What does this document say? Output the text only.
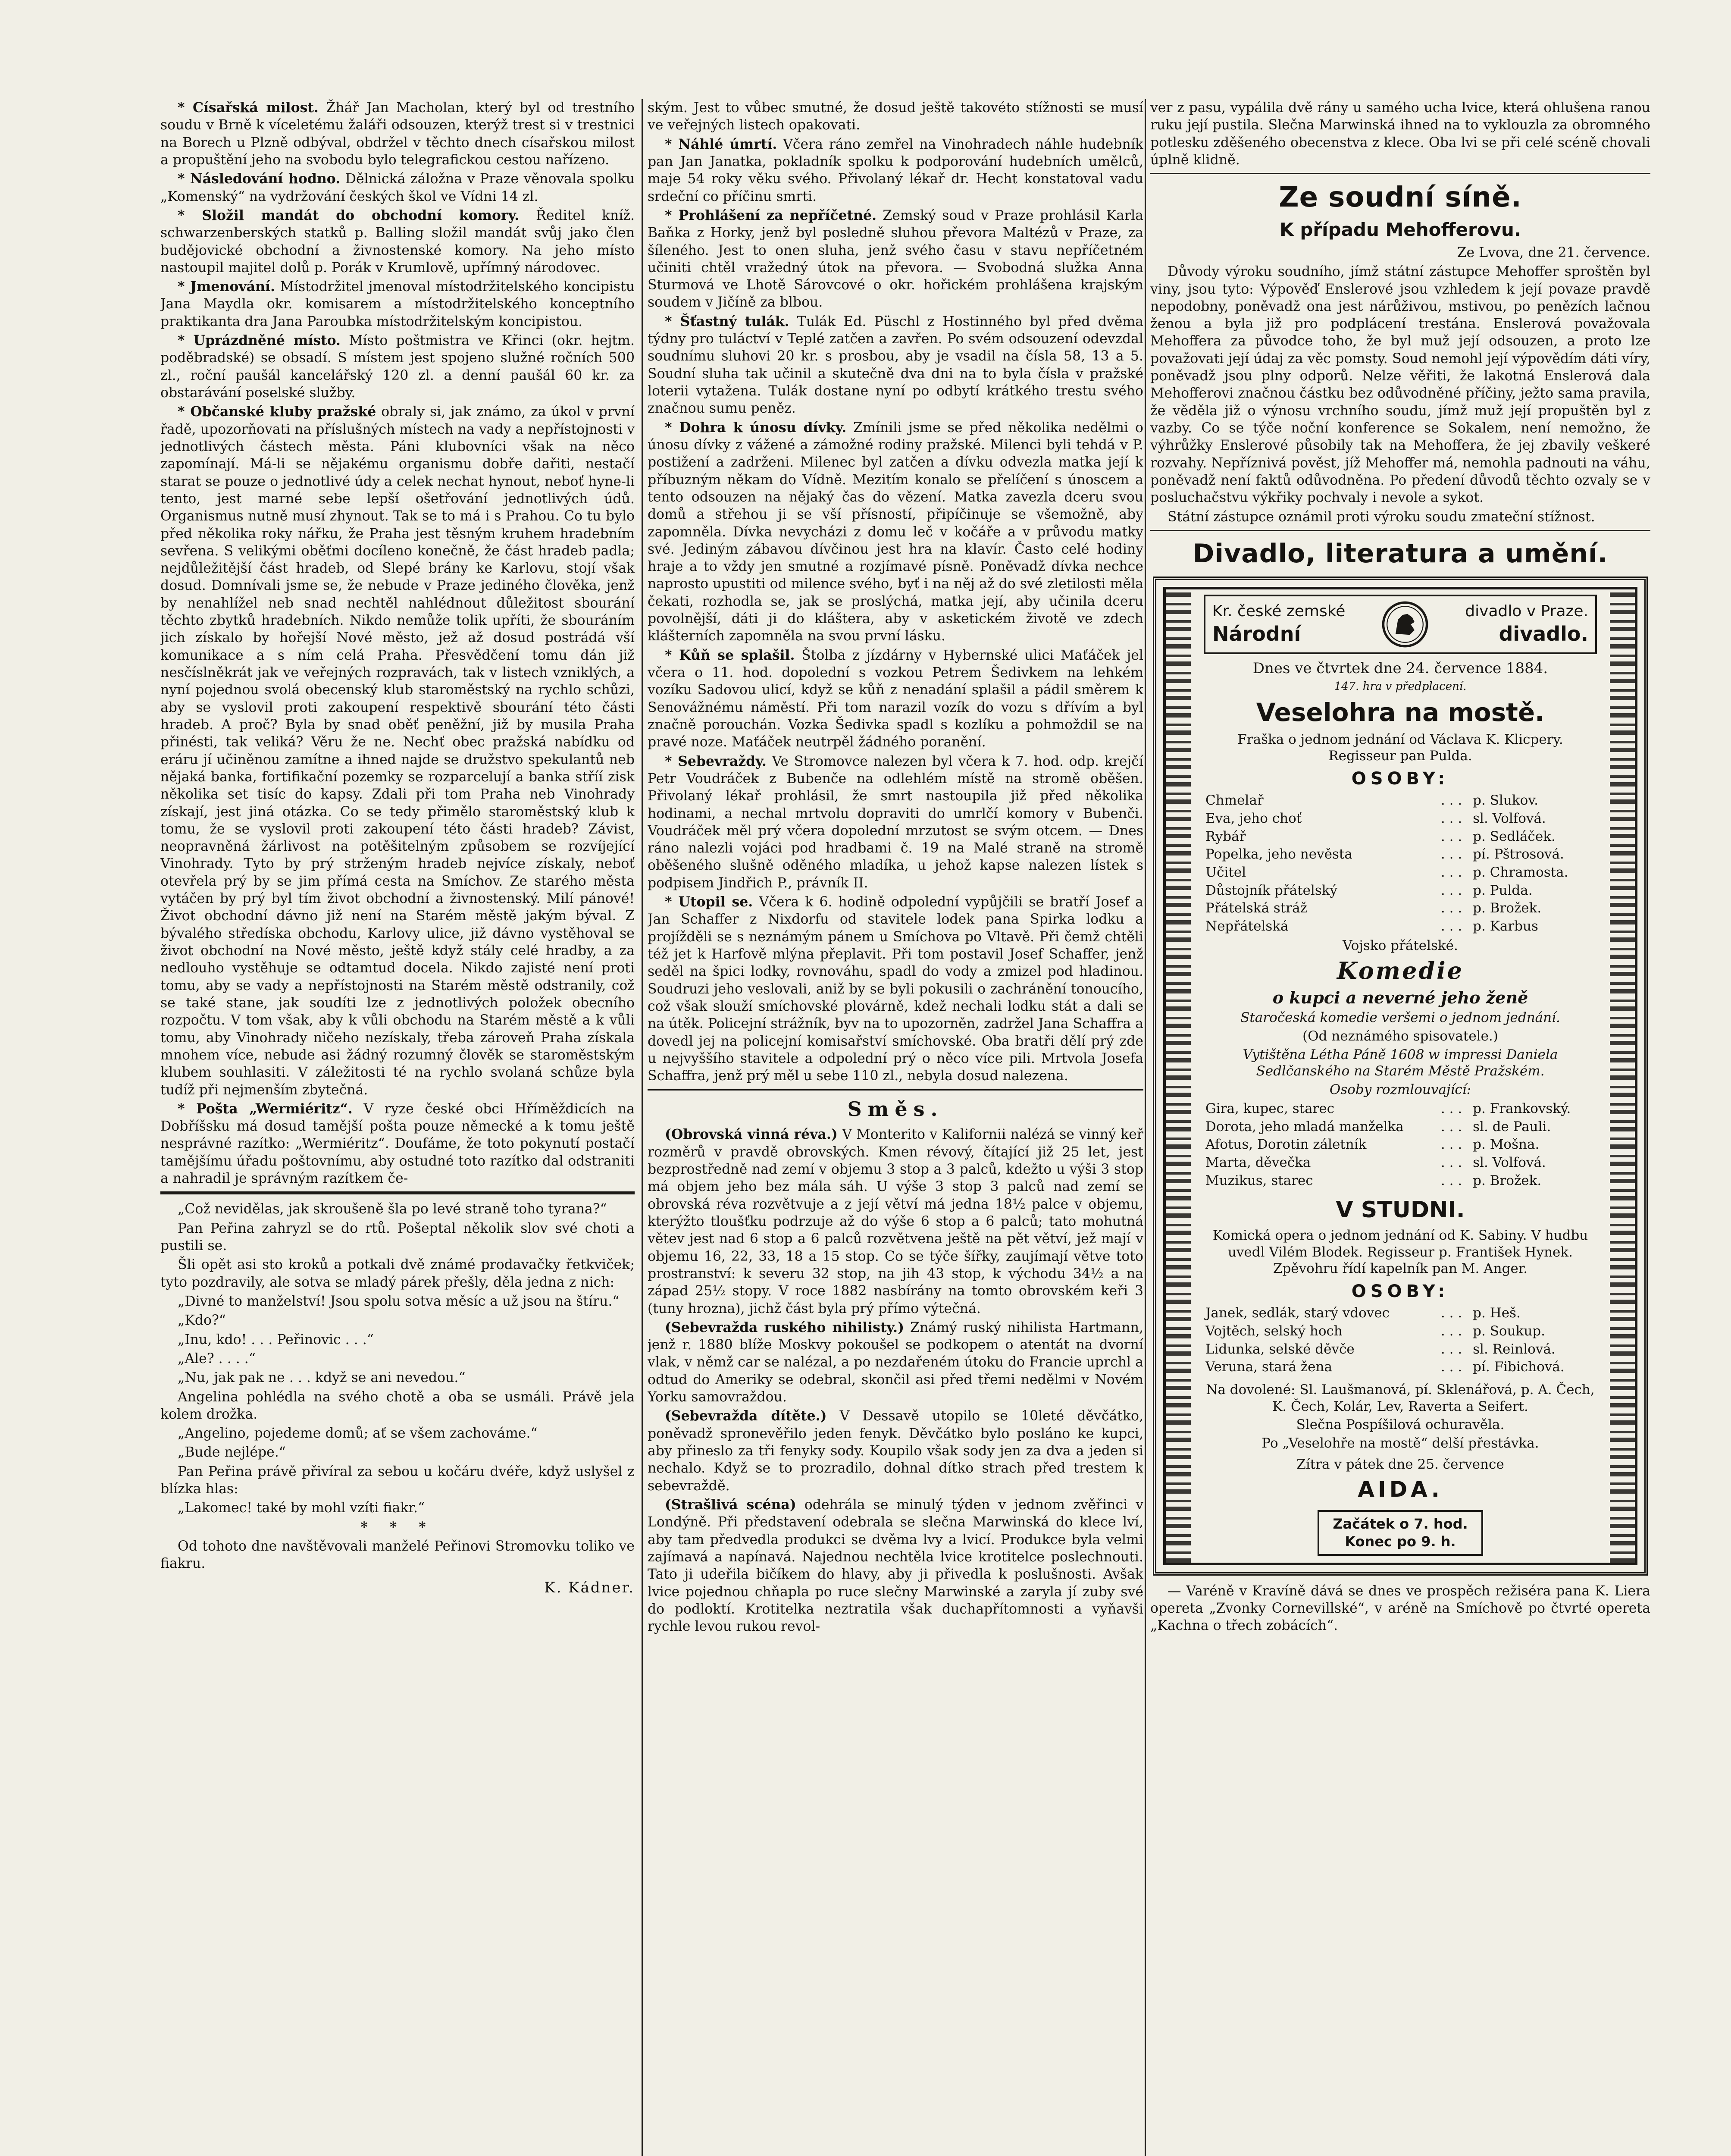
* Císařská milost. Žhář Jan Macholan, který byl od trestního soudu v Brně k víceletému žaláři odsouzen, kterýž trest si v trestnici na Borech u Plzně odbýval, obdržel v těchto dnech císařskou milost a propuštění jeho na svobodu bylo telegrafickou cestou nařízeno.

* Následování hodno. Dělnická záložna v Praze věnovala spolku „Komenský“ na vydržování českých škol ve Vídni 14 zl.

* Složil mandát do obchodní komory. Ředitel kníž. schwarzenberských statků p. Balling složil mandát svůj jako člen budějovické obchodní a živnostenské komory. Na jeho místo nastoupil majitel dolů p. Porák v Krumlově, upřímný národovec.

* Jmenování. Místodržitel jmenoval místodržitelského koncipistu Jana Maydla okr. komisarem a místodržitelského konceptního praktikanta dra Jana Paroubka místodržitelským koncipistou.

* Uprázdněné místo. Místo poštmistra ve Křinci (okr. hejtm. poděbradské) se obsadí. S místem jest spojeno služné ročních 500 zl., roční paušál kancelářský 120 zl. a denní paušál 60 kr. za obstarávání poselské služby.

* Občanské kluby pražské obraly si, jak známo, za úkol v první řadě, upozorňovati na příslušných místech na vady a nepřístojnosti v jednotlivých částech města. Páni klubovníci však na něco zapomínají. Má-li se nějakému organismu dobře dařiti, nestačí starat se pouze o jednotlivé údy a celek nechat hynout, neboť hyne-li tento, jest marné sebe lepší ošetřování jednotlivých údů. Organismus nutně musí zhynout. Tak se to má i s Prahou. Co tu bylo před několika roky nářku, že Praha jest těsným kruhem hradebním sevřena. S velikými oběťmi docíleno konečně, že část hradeb padla; nejdůležitější část hradeb, od Slepé brány ke Karlovu, stojí však dosud. Domnívali jsme se, že nebude v Praze jediného člověka, jenž by nenahlížel neb snad nechtěl nahlédnout důležitost sbourání těchto zbytků hradebních. Nikdo nemůže tolik upříti, že sbouráním jich získalo by hořejší Nové město, jež až dosud postrádá vší komunikace a s ním celá Praha. Přesvědčení tomu dán již nesčíslněkrát jak ve veřejných rozpravách, tak v listech vzniklých, a nyní pojednou svolá obecenský klub staroměstský na rychlo schůzi, aby se vyslovil proti zakoupení respektivě sbourání této části hradeb. A proč? Byla by snad oběť peněžní, již by musila Praha přinésti, tak veliká? Věru že ne. Nechť obec pražská nabídku od eráru jí učiněnou zamítne a ihned najde se družstvo spekulantů neb nějaká banka, fortifikační pozemky se rozparcelují a banka stříí zisk několika set tisíc do kapsy. Zdali při tom Praha neb Vinohrady získají, jest jiná otázka. Co se tedy přimělo staroměstský klub k tomu, že se vyslovil proti zakoupení této části hradeb? Závist, neopravněná žárlivost na potěšitelným způsobem se rozvíjející Vinohrady. Tyto by prý strženým hradeb nejvíce získaly, neboť otevřela prý by se jim přímá cesta na Smíchov. Ze starého města vytáčen by prý byl tím život obchodní a živnostenský. Milí pánové! Život obchodní dávno již není na Starém městě jakým býval. Z bývalého středíska obchodu, Karlovy ulice, již dávno vystěhoval se život obchodní na Nové město, ještě když stály celé hradby, a za nedlouho vystěhuje se odtamtud docela. Nikdo zajisté není proti tomu, aby se vady a nepřístojnosti na Starém městě odstranily, což se také stane, jak soudíti lze z jednotlivých položek obecního rozpočtu. V tom však, aby k vůli obchodu na Starém městě a k vůli tomu, aby Vinohrady ničeho nezískaly, třeba zároveň Praha získala mnohem více, nebude asi žádný rozumný člověk se staroměstským klubem souhlasiti. V záležitosti té na rychlo svolaná schůze byla tudíž při nejmenším zbytečná.

* Pošta „Wermiéritz“. V ryze české obci Hříměždicích na Dobříšsku má dosud tamější pošta pouze německé a k tomu ještě nesprávné razítko: „Wermiéritz“. Doufáme, že toto pokynutí postačí tamějšímu úřadu poštovnímu, aby ostudné toto razítko dal odstraniti a nahradil je správným razítkem če-

„Což nevidělas, jak skroušeně šla po levé straně toho tyrana?“

Pan Peřina zahryzl se do rtů. Pošeptal několik slov své choti a pustili se.

Šli opět asi sto kroků a potkali dvě známé prodavačky řetkviček; tyto pozdravily, ale sotva se mladý párek přešly, děla jedna z nich:

„Divné to manželství! Jsou spolu sotva měsíc a už jsou na štíru.“

„Kdo?“

„Inu, kdo! . . . Peřinovic . . .“

„Ale? . . . .“

„Nu, jak pak ne . . . když se ani nevedou.“

Angelina pohlédla na svého chotě a oba se usmáli. Právě jela kolem drožka.

„Angelino, pojedeme domů; ať se všem zachováme.“

„Bude nejlépe.“

Pan Peřina právě přivíral za sebou u kočáru dvéře, když uslyšel z blízka hlas:

„Lakomec! také by mohl vzíti fiakr.“

* * *

Od tohoto dne navštěvovali manželé Peřinovi Stromovku toliko ve fiakru.

K. Kádner.

ským. Jest to vůbec smutné, že dosud ještě takovéto stížnosti se musí ve veřejných listech opakovati.

* Náhlé úmrtí. Včera ráno zemřel na Vinohradech náhle hudebník pan Jan Janatka, pokladník spolku k podporování hudebních umělců, maje 54 roky věku svého. Přivolaný lékař dr. Hecht konstatoval vadu srdeční co příčinu smrti.

* Prohlášení za nepříčetné. Zemský soud v Praze prohlásil Karla Baňka z Horky, jenž byl posledně sluhou převora Maltézů v Praze, za šíleného. Jest to onen sluha, jenž svého času v stavu nepříčetném učiniti chtěl vražedný útok na převora. — Svobodná služka Anna Sturmová ve Lhotě Sárovcové o okr. hořickém prohlášena krajským soudem v Jičíně za blbou.

* Šťastný tulák. Tulák Ed. Püschl z Hostinného byl před dvěma týdny pro tuláctví v Teplé zatčen a zavřen. Po svém odsouzení odevzdal soudnímu sluhovi 20 kr. s prosbou, aby je vsadil na čísla 58, 13 a 5. Soudní sluha tak učinil a skutečně dva dni na to byla čísla v pražské loterii vytažena. Tulák dostane nyní po odbytí krátkého trestu svého značnou sumu peněz.

* Dohra k únosu dívky. Zmínili jsme se před několika nedělmi o únosu dívky z vážené a zámožné rodiny pražské. Milenci byli tehdá v P. postižení a zadrženi. Milenec byl zatčen a dívku odvezla matka její k příbuzným někam do Vídně. Mezitím konalo se přelíčení s únoscem a tento odsouzen na nějaký čas do vězení. Matka zavezla dceru svou domů a střehou ji se vší přísností, připíčinuje se všemožně, aby zapomněla. Dívka nevycházi z domu leč v kočáře a v průvodu matky své. Jediným zábavou dívčinou jest hra na klavír. Často celé hodiny hraje a to vždy jen smutné a rozjímavé písně. Poněvadž dívka nechce naprosto upustiti od milence svého, byť i na něj až do své zletilosti měla čekati, rozhodla se, jak se proslýchá, matka její, aby učinila dceru povolnější, dáti ji do kláštera, aby v asketickém životě ve zdech klášterních zapomněla na svou první lásku.

* Kůň se splašil. Štolba z jízdárny v Hybernské ulici Maťáček jel včera o 11. hod. dopolední s vozkou Petrem Šedivkem na lehkém vozíku Sadovou ulicí, když se kůň z nenadání splašil a pádil směrem k Senovážnému náměstí. Při tom narazil vozík do vozu s dřívím a byl značně porouchán. Vozka Šedivka spadl s kozlíku a pohmoždil se na pravé noze. Maťáček neutrpěl žádného poranění.

* Sebevraždy. Ve Stromovce nalezen byl včera k 7. hod. odp. krejčí Petr Voudráček z Bubenče na odlehlém místě na stromě oběšen. Přivolaný lékař prohlásil, že smrt nastoupila již před několika hodinami, a nechal mrtvolu dopraviti do umrlčí komory v Bubenči. Voudráček měl prý včera dopolední mrzutost se svým otcem. — Dnes ráno nalezli vojáci pod hradbami č. 19 na Malé straně na stromě oběšeného slušně oděného mladíka, u jehož kapse nalezen lístek s podpisem Jindřich P., právník II.

* Utopil se. Včera k 6. hodině odpolední vypůjčili se bratří Josef a Jan Schaffer z Nixdorfu od stavitele lodek pana Spirka lodku a projížděli se s neznámým pánem u Smíchova po Vltavě. Při čemž chtěli též jet k Harfově mlýna přeplavit. Při tom postavil Josef Schaffer, jenž seděl na špici lodky, rovnováhu, spadl do vody a zmizel pod hladinou. Soudruzi jeho veslovali, aniž by se byli pokusili o zachránění tonoucího, což však slouží smíchovské plovárně, kdež nechali lodku stát a dali se na útěk. Policejní strážník, byv na to upozorněn, zadržel Jana Schaffra a dovedl jej na policejní komisařství smíchovské. Oba bratři dělí prý zde u nejvyššího stavitele a odpolední prý o něco více pili. Mrtvola Josefa Schaffra, jenž prý měl u sebe 110 zl., nebyla dosud nalezena.

Směs.

(Obrovská vinná réva.) V Monterito v Kalifornii nalézá se vinný keř rozměrů v pravdě obrovských. Kmen révový, čítající již 25 let, jest bezprostředně nad zemí v objemu 3 stop a 3 palců, kdežto u výši 3 stop má objem jeho bez mála sáh. U výše 3 stop 3 palců nad zemí se obrovská réva rozvětvuje a z její větví má jedna 18½ palce v objemu, kterýžto tloušťku podrzuje až do výše 6 stop a 6 palců; tato mohutná větev jest nad 6 stop a 6 palců rozvětvena ještě na pět větví, jež mají v objemu 16, 22, 33, 18 a 15 stop. Co se týče šířky, zaujímají větve toto prostranství: k severu 32 stop, na jih 43 stop, k východu 34½ a na západ 25½ stopy. V roce 1882 nasbírány na tomto obrovském keři 3 (tuny hrozna), jichž část byla prý přímo výtečná.

(Sebevražda ruského nihilisty.) Známý ruský nihilista Hartmann, jenž r. 1880 blíže Moskvy pokoušel se podkopem o atentát na dvorní vlak, v němž car se nalézal, a po nezdařeném útoku do Francie uprchl a odtud do Ameriky se odebral, skončil asi před třemi nedělmi v Novém Yorku samovraždou.

(Sebevražda dítěte.) V Dessavě utopilo se 10leté děvčátko, poněvadž spronevěřilo jeden fenyk. Děvčátko bylo posláno ke kupci, aby přineslo za tři fenyky sody. Koupilo však sody jen za dva a jeden si nechalo. Když se to prozradilo, dohnal dítko strach před trestem k sebevraždě.

(Strašlivá scéna) odehrála se minulý týden v jednom zvěřinci v Londýně. Při představení odebrala se slečna Marwinská do klece lví, aby tam předvedla produkci se dvěma lvy a lvicí. Produkce byla velmi zajímavá a napínavá. Najednou nechtěla lvice krotitelce poslechnouti. Tato ji udeřila bičíkem do hlavy, aby ji přivedla k poslušnosti. Avšak lvice pojednou chňapla po ruce slečny Marwinské a zaryla jí zuby své do podloktí. Krotitelka neztratila však duchapřítomnosti a vyňavši rychle levou rukou revol-

ver z pasu, vypálila dvě rány u samého ucha lvice, která ohlušena ranou ruku její pustila. Slečna Marwinská ihned na to vyklouzla za obromného potlesku zděšeného obecenstva z klece. Oba lvi se při celé scéně chovali úplně klidně.

Ze soudní síně.
K případu Mehofferovu.

Ze Lvova, dne 21. července.

Důvody výroku soudního, jímž státní zástupce Mehoffer sproštěn byl viny, jsou tyto: Výpověď Enslerové jsou vzhledem k její povaze pravdě nepodobny, poněvadž ona jest nárůživou, mstivou, po penězích lačnou ženou a byla již pro podplácení trestána. Enslerová považovala Mehoffera za původce toho, že byl muž její odsouzen, a proto lze považovati její údaj za věc pomsty. Soud nemohl její výpovědím dáti víry, poněvadž jsou plny odporů. Nelze věřiti, že lakotná Enslerová dala Mehofferovi značnou částku bez odůvodněné příčiny, ježto sama pravila, že věděla již o výnosu vrchního soudu, jímž muž její propuštěn byl z vazby. Co se týče noční konference se Sokalem, není nemožno, že výhrůžky Enslerové působily tak na Mehoffera, že jej zbavily veškeré rozvahy. Nepříznivá pověst, jíž Mehoffer má, nemohla padnouti na váhu, poněvadž není faktů odůvodněna. Po předení důvodů těchto ozvaly se v posluchačstvu výkřiky pochvaly i nevole a sykot.

Státní zástupce oznámil proti výroku soudu zmateční stížnost.

Divadlo, literatura a umění.
Kr. české zemské
Národní
divadlo v Praze.
divadlo.
Dnes ve čtvrtek dne 24. července 1884.
147. hra v předplacení.
Veselohra na mostě.
Fraška o jednom jednání od Václava K. Klicpery. Regisseur pan Pulda.
OSOBY:
Chmelař	. . .	p. Slukov.
Eva, jeho choť	. . .	sl. Volfová.
Rybář	. . .	p. Sedláček.
Popelka, jeho nevěsta	. . .	pí. Pštrosová.
Učitel	. . .	p. Chramosta.
Důstojník přátelský	. . .	p. Pulda.
Přátelská stráž	. . .	p. Brožek.
Nepřátelská	. . .	p. Karbus
Vojsko přátelské.
Komedie
o kupci a neverné jeho ženě
Staročeská komedie veršemi o jednom jednání.
(Od neznámého spisovatele.)
Vytištěna Létha Páně 1608 w impressi Daniela Sedlčanského na Starém Městě Pražském.
Osoby rozmlouvající:
Gira, kupec, starec	. . .	p. Frankovský.
Dorota, jeho mladá manželka	. . .	sl. de Pauli.
Afotus, Dorotin záletník	. . .	p. Mošna.
Marta, děvečka	. . .	sl. Volfová.
Muzikus, starec	. . .	p. Brožek.
V STUDNI.
Komická opera o jednom jednání od K. Sabiny. V hudbu uvedl Vilém Blodek. Regisseur p. František Hynek. Zpěvohru řídí kapelník pan M. Anger.
OSOBY:
Janek, sedlák, starý vdovec	. . .	p. Heš.
Vojtěch, selský hoch	. . .	p. Soukup.
Lidunka, selské děvče	. . .	sl. Reinlová.
Veruna, stará žena	. . .	pí. Fibichová.
Na dovolené: Sl. Laušmanová, pí. Sklenářová, p. A. Čech, K. Čech, Kolár, Lev, Raverta a Seifert.
Slečna Pospíšilová ochuravěla.
Po „Veselohře na mostě“ delší přestávka.
Zítra v pátek dne 25. července
AIDA.
Začátek o 7. hod.
Konec po 9. h.

— Varéně v Kravíně dává se dnes ve prospěch režiséra pana K. Liera opereta „Zvonky Cornevillské“, v aréně na Smíchově po čtvrté opereta „Kachna o třech zobácích“.
